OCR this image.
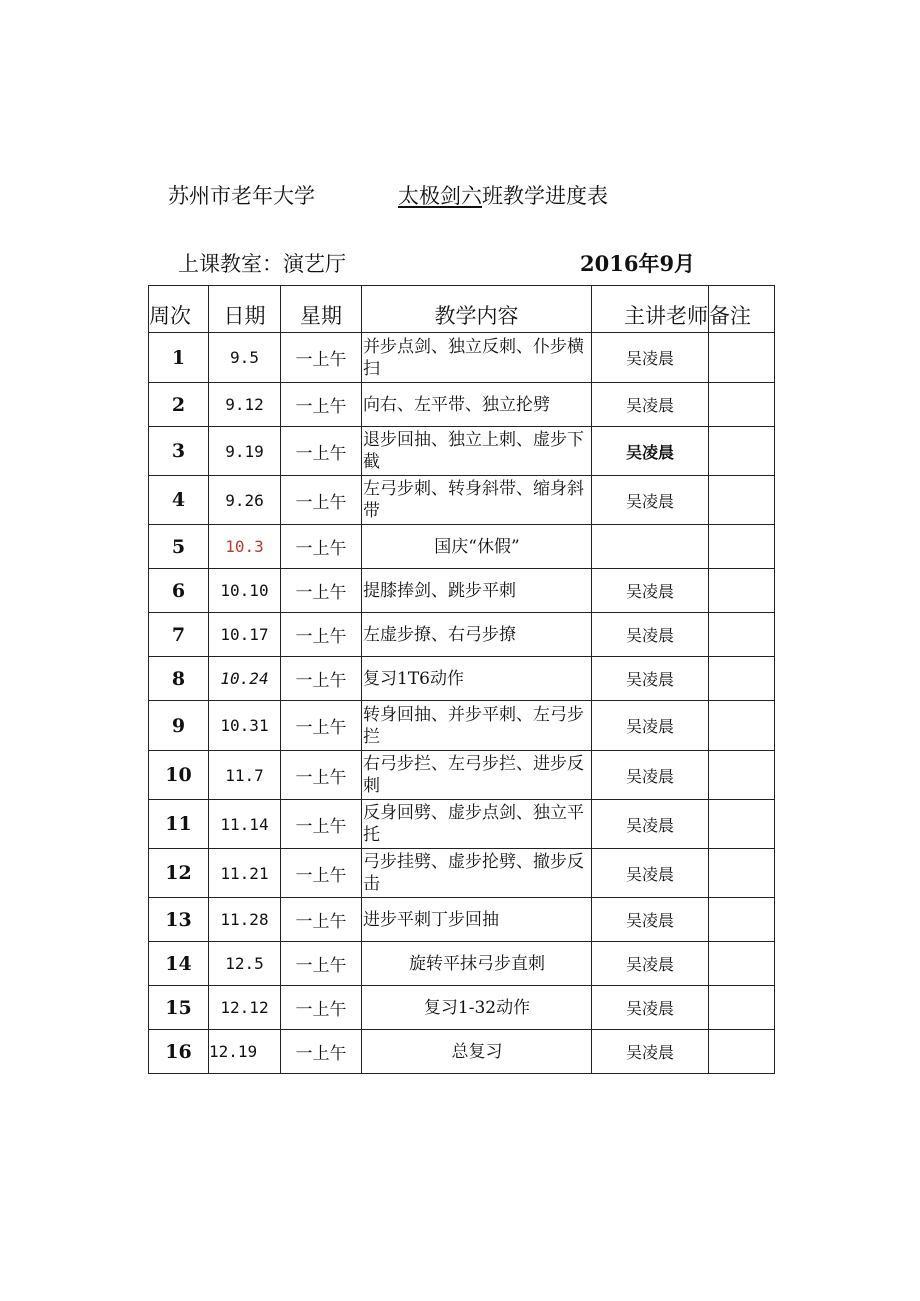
苏州市老年大学	太极剑六班教学进度表
上课教室：演艺厅	2016年9月
周次	日期	星期	教学内容	主讲老师	备注
1	9.5	一上午	并步点剑、独立反刺、仆步横扫	吴凌晨	
2	9.12	一上午	向右、左平带、独立抡劈	吴凌晨	
3	9.19	一上午	退步回抽、独立上刺、虚步下截	吴凌晨	
4	9.26	一上午	左弓步刺、转身斜带、缩身斜带	吴凌晨	
5	10.3	一上午	国庆“休假”		
6	10.10	一上午	提膝捧剑、跳步平刺	吴凌晨	
7	10.17	一上午	左虚步撩、右弓步撩	吴凌晨	
8	10.24	一上午	复习1T6动作	吴凌晨	
9	10.31	一上午	转身回抽、并步平刺、左弓步拦	吴凌晨	
10	11.7	一上午	右弓步拦、左弓步拦、进步反刺	吴凌晨	
11	11.14	一上午	反身回劈、虚步点剑、独立平托	吴凌晨	
12	11.21	一上午	弓步挂劈、虚步抡劈、撤步反击	吴凌晨	
13	11.28	一上午	进步平刺丁步回抽	吴凌晨	
14	12.5	一上午	旋转平抹弓步直刺	吴凌晨	
15	12.12	一上午	复习1-32动作	吴凌晨	
16	12.19	一上午	总复习	吴凌晨	
